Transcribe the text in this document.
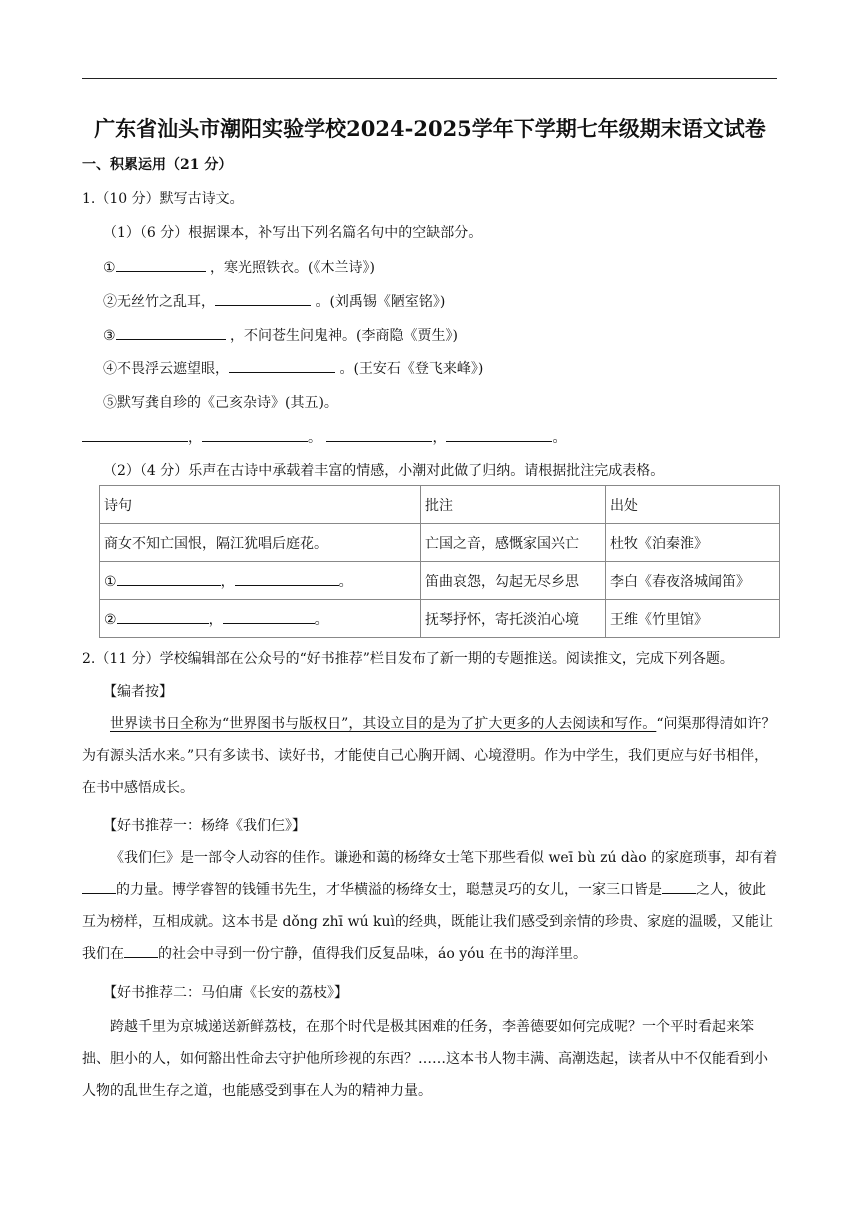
广东省汕头市潮阳实验学校2024-2025学年下学期七年级期末语文试卷
一、积累运用（21 分）
1.（10 分）默写古诗文。
（1）（6 分）根据课本，补写出下列名篇名句中的空缺部分。
①	，寒光照铁衣。(《木兰诗》)
②无丝竹之乱耳，	。(刘禹锡《陋室铭》)
③	，不问苍生问鬼神。(李商隐《贾生》)
④不畏浮云遮望眼，	。(王安石《登飞来峰》)
⑤默写龚自珍的《己亥杂诗》(其五)。
，	。	，	。
（2）（4 分）乐声在古诗中承载着丰富的情感，小潮对此做了归纳。请根据批注完成表格。
诗句	批注	出处
商女不知亡国恨，隔江犹唱后庭花。	亡国之音，感慨家国兴亡	杜牧《泊秦淮》
① ， 。	笛曲哀怨，勾起无尽乡思	李白《春夜洛城闻笛》
② ， 。	抚琴抒怀，寄托淡泊心境	王维《竹里馆》
2.（11 分）学校编辑部在公众号的“好书推荐”栏目发布了新一期的专题推送。阅读推文，完成下列各题。
【编者按】
世界读书日全称为“世界图书与版权日”，其设立目的是为了扩大更多的人去阅读和写作。“问渠那得清如许？为有源头活水来。”只有多读书、读好书，才能使自己心胸开阔、心境澄明。作为中学生，我们更应与好书相伴，在书中感悟成长。
【好书推荐一：杨绛《我们仨》】
《我们仨》是一部令人动容的佳作。谦逊和蔼的杨绛女士笔下那些看似 weī bù zú dào 的家庭琐事，却有着的力量。博学睿智的钱锺书先生，才华横溢的杨绛女士，聪慧灵巧的女儿，一家三口皆是 之人，彼此互为榜样，互相成就。这本书是 dǒng zhī wú kuì的经典，既能让我们感受到亲情的珍贵、家庭的温暖，又能让我们在 的社会中寻到一份宁静，值得我们反复品味，áo yóu 在书的海洋里。
【好书推荐二：马伯庸《长安的荔枝》】
跨越千里为京城递送新鲜荔枝，在那个时代是极其困难的任务，李善德要如何完成呢？一个平时看起来笨拙、胆小的人，如何豁出性命去守护他所珍视的东西？……这本书人物丰满、高潮迭起，读者从中不仅能看到小人物的乱世生存之道，也能感受到事在人为的精神力量。
